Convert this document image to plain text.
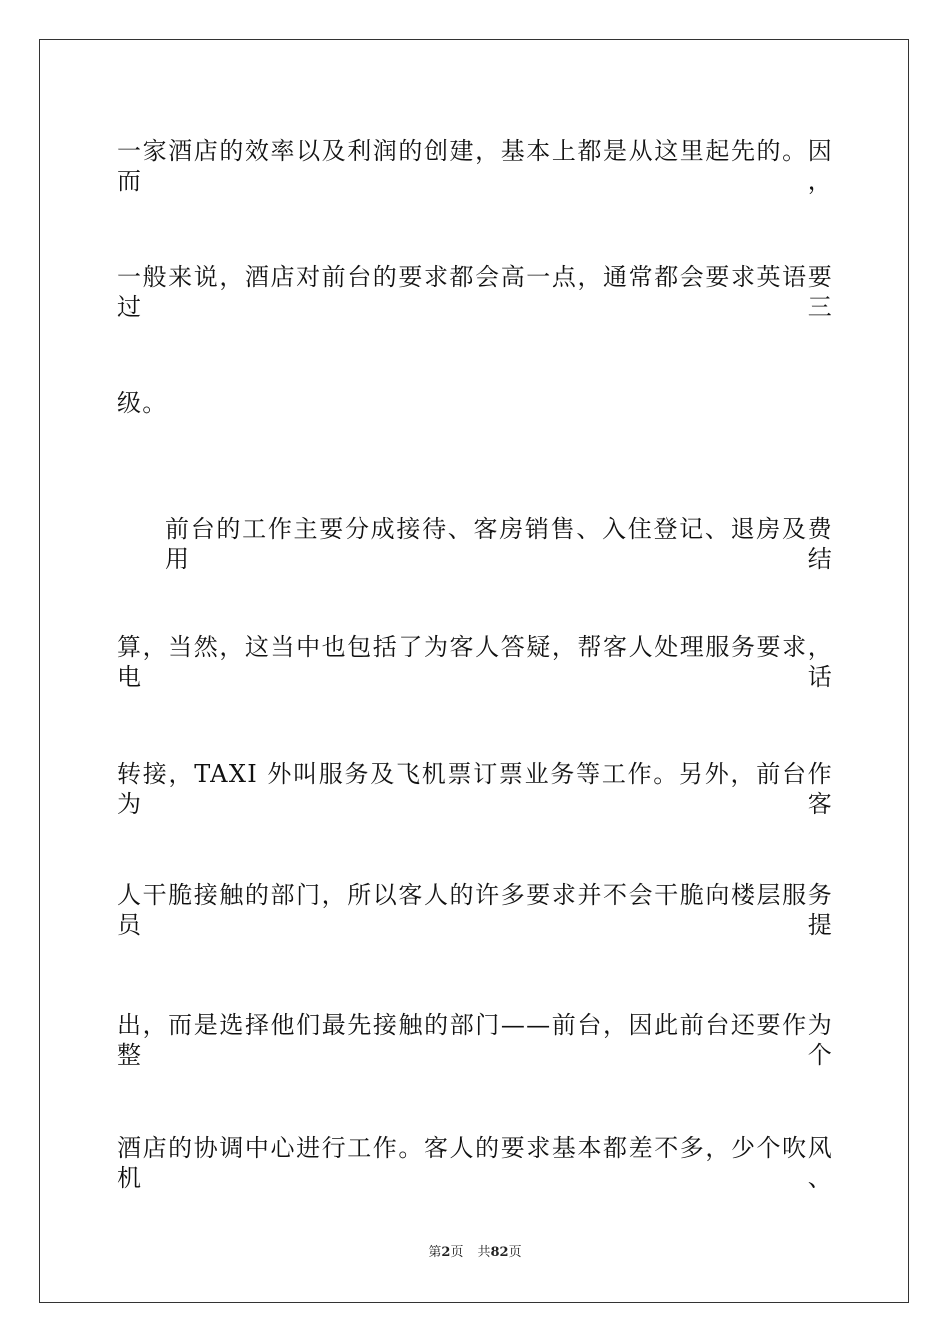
一家酒店的效率以及利润的创建，基本上都是从这里起先的。因而，
一般来说，酒店对前台的要求都会高一点，通常都会要求英语要过三
级。
前台的工作主要分成接待、客房销售、入住登记、退房及费用结
算，当然，这当中也包括了为客人答疑，帮客人处理服务要求，电话
转接，TAXI 外叫服务及飞机票订票业务等工作。另外，前台作为客
人干脆接触的部门，所以客人的许多要求并不会干脆向楼层服务员提
出，而是选择他们最先接触的部门——前台，因此前台还要作为整个
酒店的协调中心进行工作。客人的要求基本都差不多，少个吹风机、
第2页 共82页
